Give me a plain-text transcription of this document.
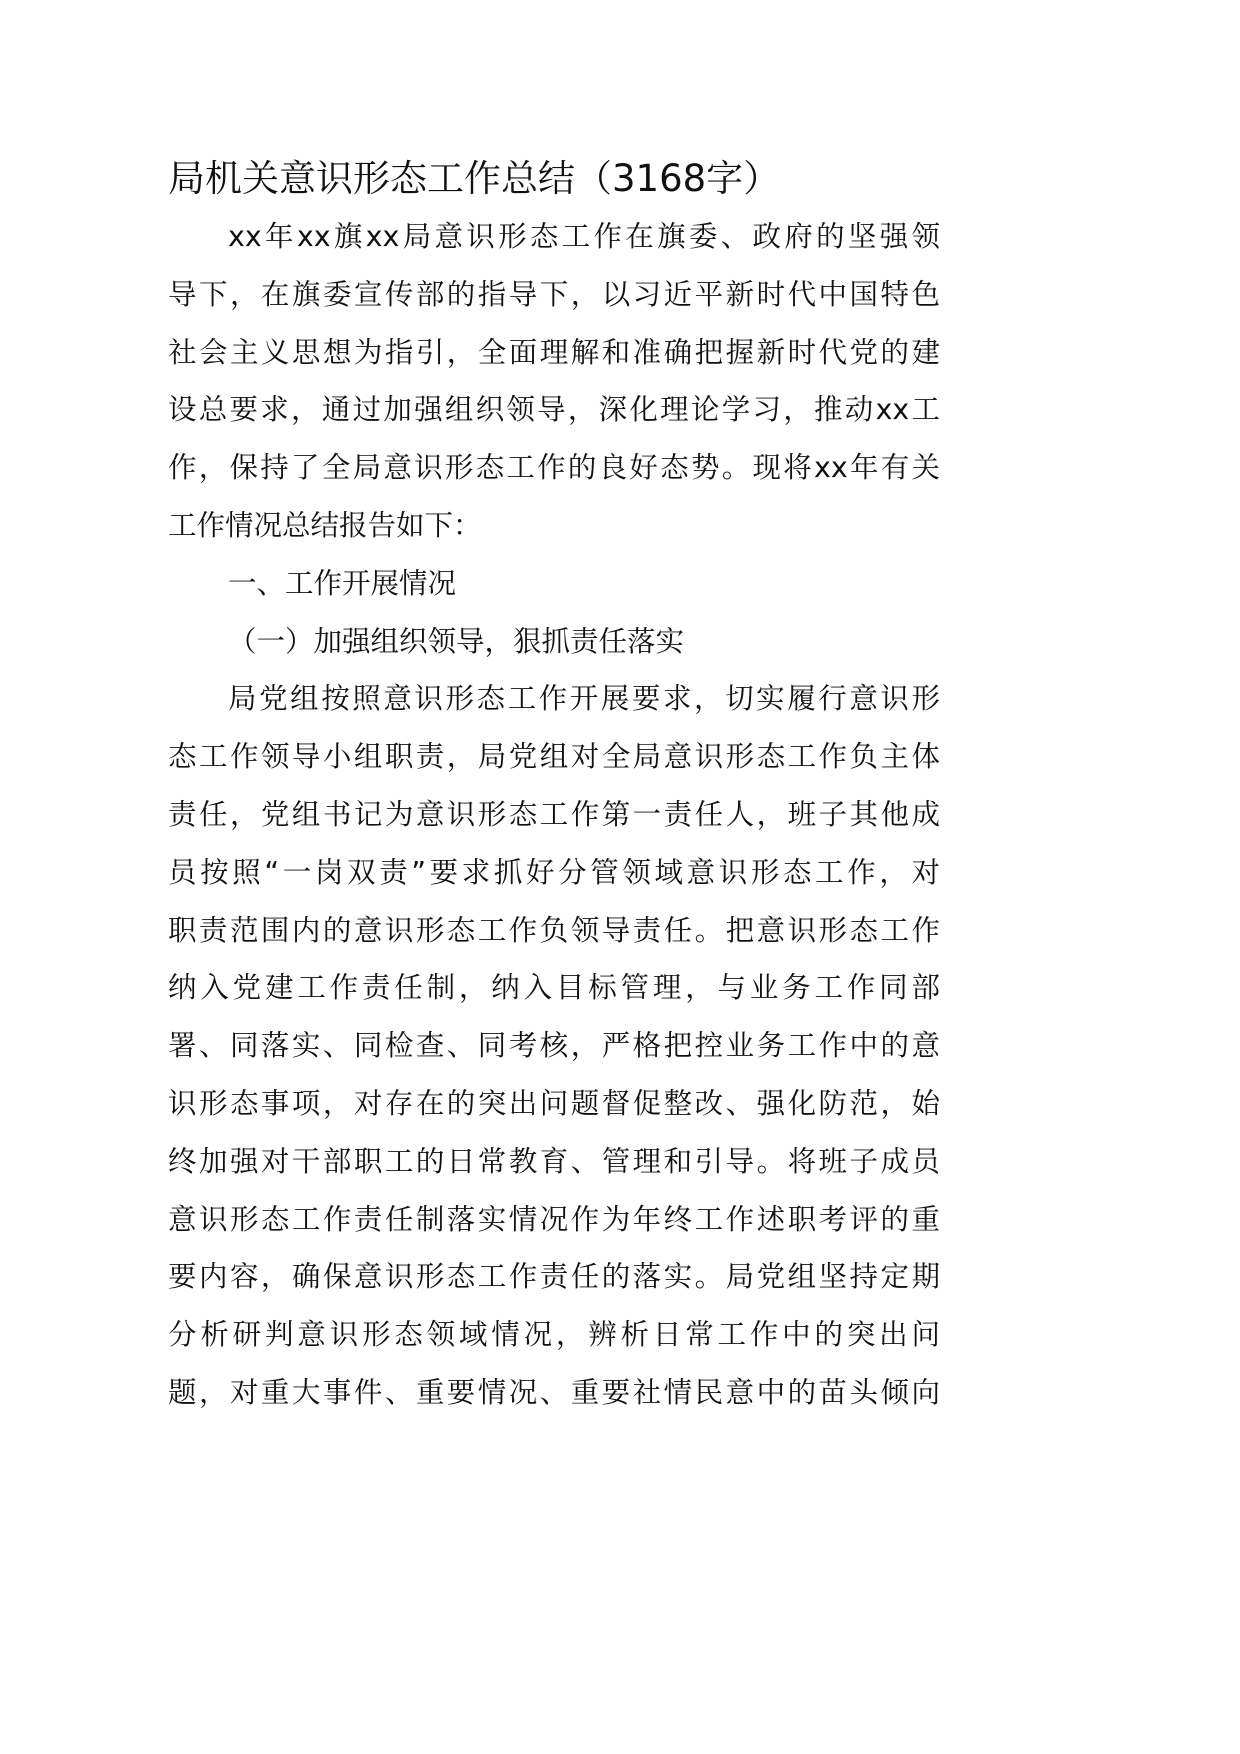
局机关意识形态工作总结（3168字）
xx年xx旗xx局意识形态工作在旗委、政府的坚强领
导下，在旗委宣传部的指导下，以习近平新时代中国特色
社会主义思想为指引，全面理解和准确把握新时代党的建
设总要求，通过加强组织领导，深化理论学习，推动xx工
作，保持了全局意识形态工作的良好态势。现将xx年有关
工作情况总结报告如下：
一、工作开展情况
（一）加强组织领导，狠抓责任落实
局党组按照意识形态工作开展要求，切实履行意识形
态工作领导小组职责，局党组对全局意识形态工作负主体
责任，党组书记为意识形态工作第一责任人，班子其他成
员按照“一岗双责”要求抓好分管领域意识形态工作，对
职责范围内的意识形态工作负领导责任。把意识形态工作
纳入党建工作责任制，纳入目标管理，与业务工作同部
署、同落实、同检查、同考核，严格把控业务工作中的意
识形态事项，对存在的突出问题督促整改、强化防范，始
终加强对干部职工的日常教育、管理和引导。将班子成员
意识形态工作责任制落实情况作为年终工作述职考评的重
要内容，确保意识形态工作责任的落实。局党组坚持定期
分析研判意识形态领域情况，辨析日常工作中的突出问
题，对重大事件、重要情况、重要社情民意中的苗头倾向
